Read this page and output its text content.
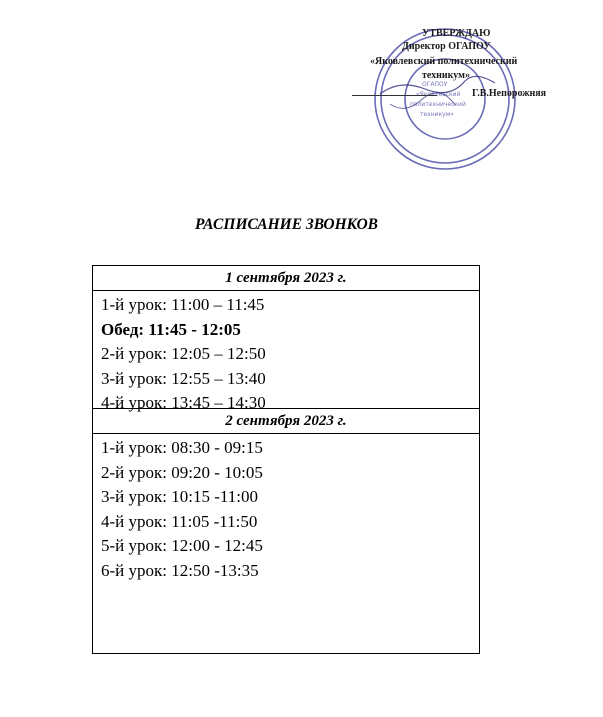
ОГАПОУ
«Яковлевский
политехнический
техникум»
УТВЕРЖДАЮ
Директор ОГАПОУ
«Яковлевский политехнический
техникум»
Г.В.Непорожняя
РАСПИСАНИЕ ЗВОНКОВ
1 сентября 2023 г.
1-й урок: 11:00 – 11:45
Обед: 11:45 - 12:05
2-й урок: 12:05 – 12:50
3-й урок: 12:55 – 13:40
4-й урок: 13:45 – 14:30
2 сентября 2023 г.
1-й урок: 08:30 - 09:15
2-й урок: 09:20 - 10:05
3-й урок: 10:15 -11:00
4-й урок: 11:05 -11:50
5-й урок: 12:00 - 12:45
6-й урок: 12:50 -13:35
